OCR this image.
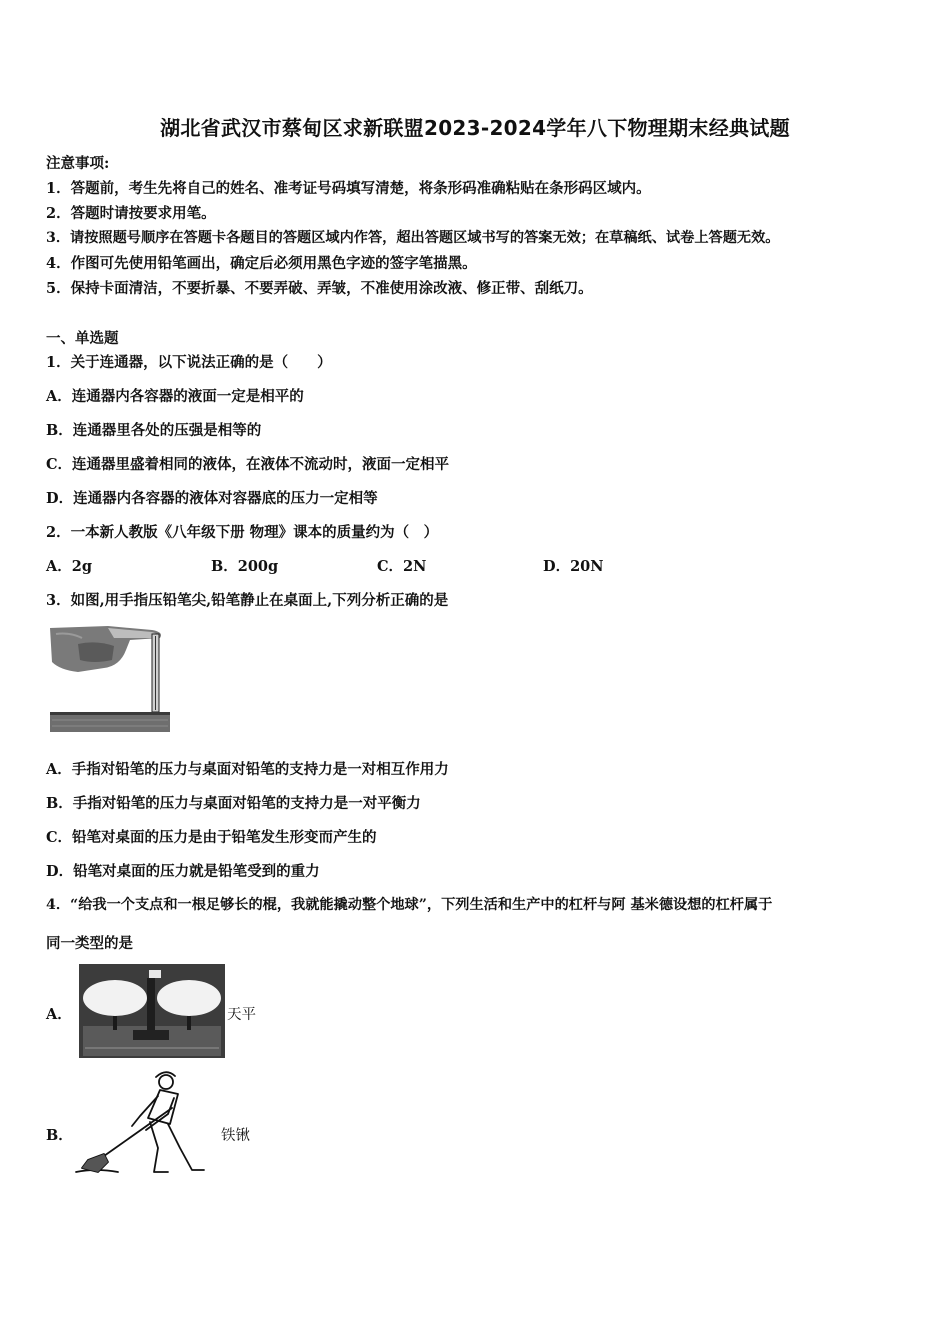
湖北省武汉市蔡甸区求新联盟2023-2024学年八下物理期末经典试题
注意事项:
1．答题前，考生先将自己的姓名、准考证号码填写清楚，将条形码准确粘贴在条形码区域内。
2．答题时请按要求用笔。
3．请按照题号顺序在答题卡各题目的答题区域内作答，超出答题区域书写的答案无效；在草稿纸、试卷上答题无效。
4．作图可先使用铅笔画出，确定后必须用黑色字迹的签字笔描黑。
5．保持卡面清洁，不要折暴、不要弄破、弄皱，不准使用涂改液、修正带、刮纸刀。
一、单选题
1．关于连通器，以下说法正确的是（　　）
A．连通器内各容器的液面一定是相平的
B．连通器里各处的压强是相等的
C．连通器里盛着相同的液体，在液体不流动时，液面一定相平
D．连通器内各容器的液体对容器底的压力一定相等
2．一本新人教版《八年级下册 物理》课本的质量约为（　）
A．2g	B．200g	C．2N	D．20N
3．如图,用手指压铅笔尖,铅笔静止在桌面上,下列分析正确的是
A．手指对铅笔的压力与桌面对铅笔的支持力是一对相互作用力
B．手指对铅笔的压力与桌面对铅笔的支持力是一对平衡力
C．铅笔对桌面的压力是由于铅笔发生形变而产生的
D．铅笔对桌面的压力就是铅笔受到的重力
4．“给我一个支点和一根足够长的棍，我就能撬动整个地球”，下列生活和生产中的杠杆与阿 基米德设想的杠杆属于
同一类型的是
A．	天平
B．	铁锹
